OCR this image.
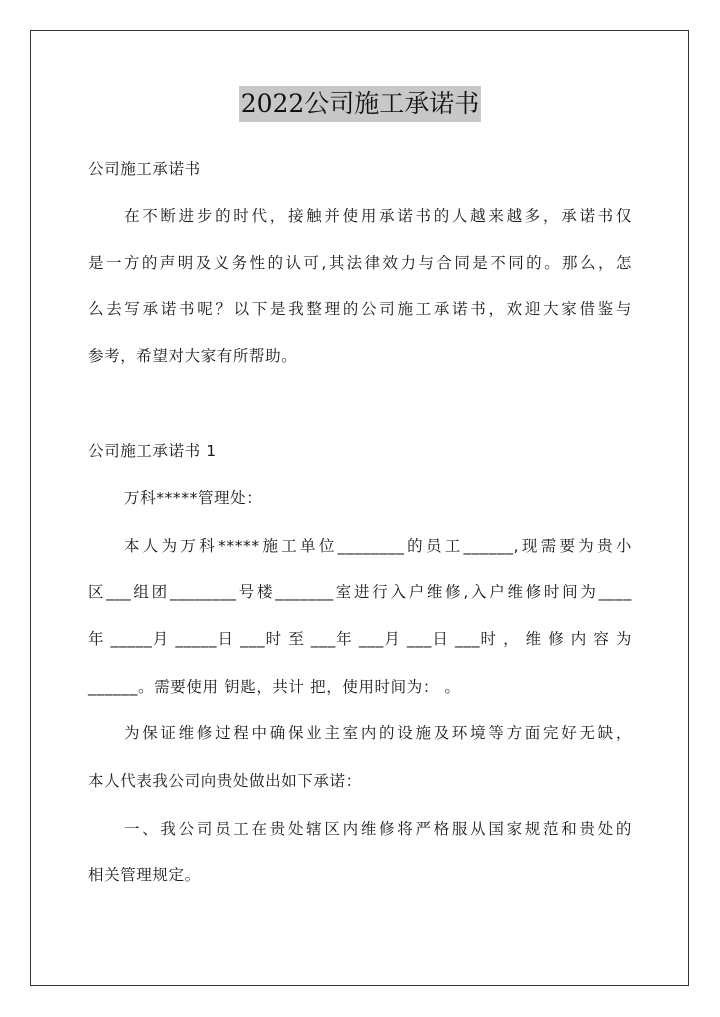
2022公司施工承诺书
公司施工承诺书
在不断进步的时代，接触并使用承诺书的人越来越多，承诺书仅
是一方的声明及义务性的认可,其法律效力与合同是不同的。那么，怎
么去写承诺书呢？以下是我整理的公司施工承诺书，欢迎大家借鉴与
参考，希望对大家有所帮助。
公司施工承诺书 1
万科*****管理处：
本人为万科*****施工单位________的员工______,现需要为贵小
区___组团________号楼_______室进行入户维修,入户维修时间为____
年 _____月 _____日 ___时 至 ___年 ___月 ___日 ___时 ， 维 修 内 容 为
______。需要使用 钥匙，共计 把，使用时间为： 。
为保证维修过程中确保业主室内的设施及环境等方面完好无缺，
本人代表我公司向贵处做出如下承诺：
一、我公司员工在贵处辖区内维修将严格服从国家规范和贵处的
相关管理规定。
